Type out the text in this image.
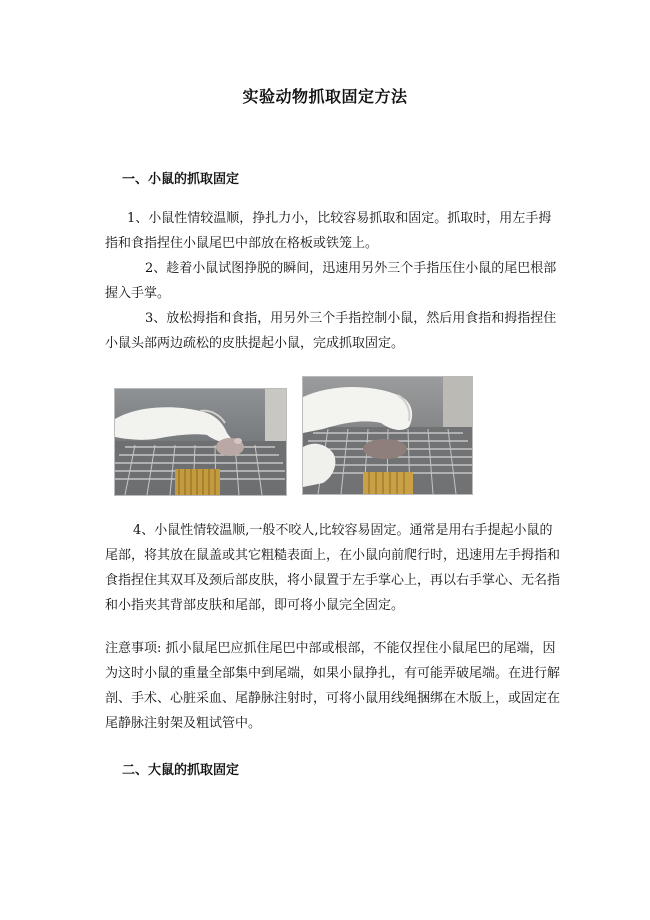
实验动物抓取固定方法
一、小鼠的抓取固定

1、小鼠性情较温顺，挣扎力小，比较容易抓取和固定。抓取时，用左手拇指和食指捏住小鼠尾巴中部放在格板或铁笼上。

2、趁着小鼠试图挣脱的瞬间，迅速用另外三个手指压住小鼠的尾巴根部握入手掌。

3、放松拇指和食指，用另外三个手指控制小鼠，然后用食指和拇指捏住小鼠头部两边疏松的皮肤提起小鼠，完成抓取固定。

4、小鼠性情较温顺,一般不咬人,比较容易固定。通常是用右手提起小鼠的尾部，将其放在鼠盖或其它粗糙表面上，在小鼠向前爬行时，迅速用左手拇指和食指捏住其双耳及颈后部皮肤，将小鼠置于左手掌心上，再以右手掌心、无名指和小指夹其背部皮肤和尾部，即可将小鼠完全固定。

注意事项: 抓小鼠尾巴应抓住尾巴中部或根部，不能仅捏住小鼠尾巴的尾端，因为这时小鼠的重量全部集中到尾端，如果小鼠挣扎，有可能弄破尾端。在进行解剖、手术、心脏采血、尾静脉注射时，可将小鼠用线绳捆绑在木版上，或固定在尾静脉注射架及粗试管中。

二、大鼠的抓取固定
